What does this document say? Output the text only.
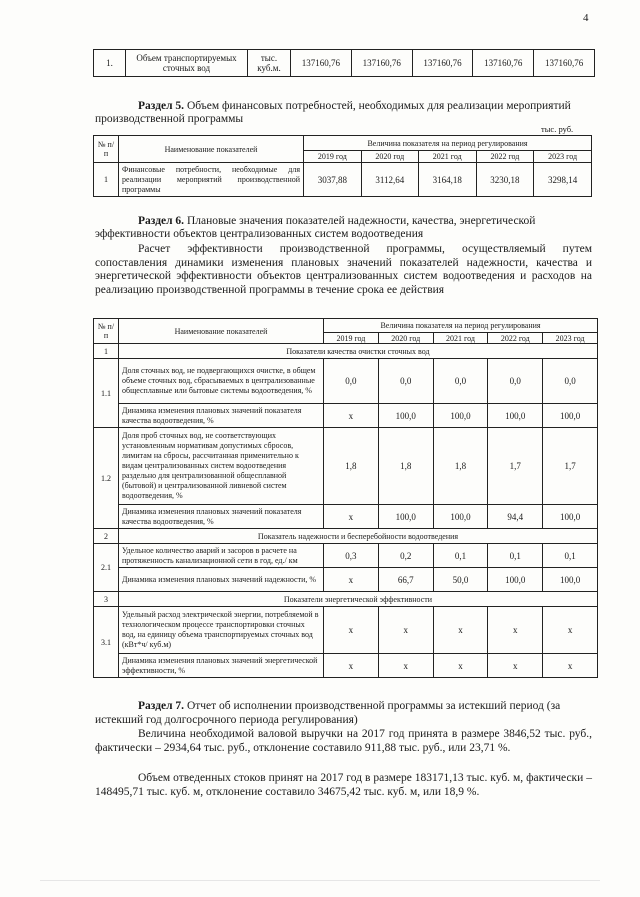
4
1.	Объем транспортируемых сточных вод	тыс. куб.м.	137160,76	137160,76	137160,76	137160,76	137160,76
Раздел 5. Объем финансовых потребностей, необходимых для реализации мероприятий производственной программы
тыс. руб.
№ п/п	Наименование показателей	Величина показателя на период регулирования				
		2019 год	2020 год	2021 год	2022 год	2023 год
1	Финансовые потребности, необходимые для реализации мероприятий производственной программы	3037,88	3112,64	3164,18	3230,18	3298,14
Раздел 6. Плановые значения показателей надежности, качества, энергетической эффективности объектов централизованных систем водоотведения
Расчет эффективности производственной программы, осуществляемый путем сопоставления динамики изменения плановых значений показателей надежности, качества и энергетической эффективности объектов централизованных систем водоотведения и расходов на реализацию производственной программы в течение срока ее действия
№ п/п	Наименование показателей	Величина показателя на период регулирования				
		2019 год	2020 год	2021 год	2022 год	2023 год
1	Показатели качества очистки сточных вод					
1.1	Доля сточных вод, не подвергающихся очистке, в общем объеме сточных вод, сбрасываемых в централизованные общесплавные или бытовые системы водоотведения, %	0,0	0,0	0,0	0,0	0,0
	Динамика изменения плановых значений показателя качества водоотведения, %	x	100,0	100,0	100,0	100,0
1.2	Доля проб сточных вод, не соответствующих установленным нормативам допустимых сбросов, лимитам на сбросы, рассчитанная применительно к видам централизованных систем водоотведения раздельно для централизованной общесплавной (бытовой) и централизованной ливневой систем водоотведения, %	1,8	1,8	1,8	1,7	1,7
	Динамика изменения плановых значений показателя качества водоотведения, %	x	100,0	100,0	94,4	100,0
2	Показатель надежности и бесперебойности водоотведения					
2.1	Удельное количество аварий и засоров в расчете на протяженность канализационной сети в год, ед./ км	0,3	0,2	0,1	0,1	0,1
	Динамика изменения плановых значений надежности, %	x	66,7	50,0	100,0	100,0
3	Показатели энергетической эффективности					
3.1	Удельный расход электрической энергии, потребляемой в технологическом процессе транспортировки сточных вод, на единицу объема транспортируемых сточных вод (кВт*ч/ куб.м)	x	x	x	x	x
	Динамика изменения плановых значений энергетической эффективности, %	x	x	x	x	x
Раздел 7. Отчет об исполнении производственной программы за истекший период (за истекший год долгосрочного периода регулирования)
Величина необходимой валовой выручки на 2017 год принята в размере 3846,52 тыс. руб., фактически – 2934,64 тыс. руб., отклонение составило 911,88 тыс. руб., или 23,71 %.
Объем отведенных стоков принят на 2017 год в размере 183171,13 тыс. куб. м, фактически – 148495,71 тыс. куб. м, отклонение составило 34675,42 тыс. куб. м, или 18,9 %.
